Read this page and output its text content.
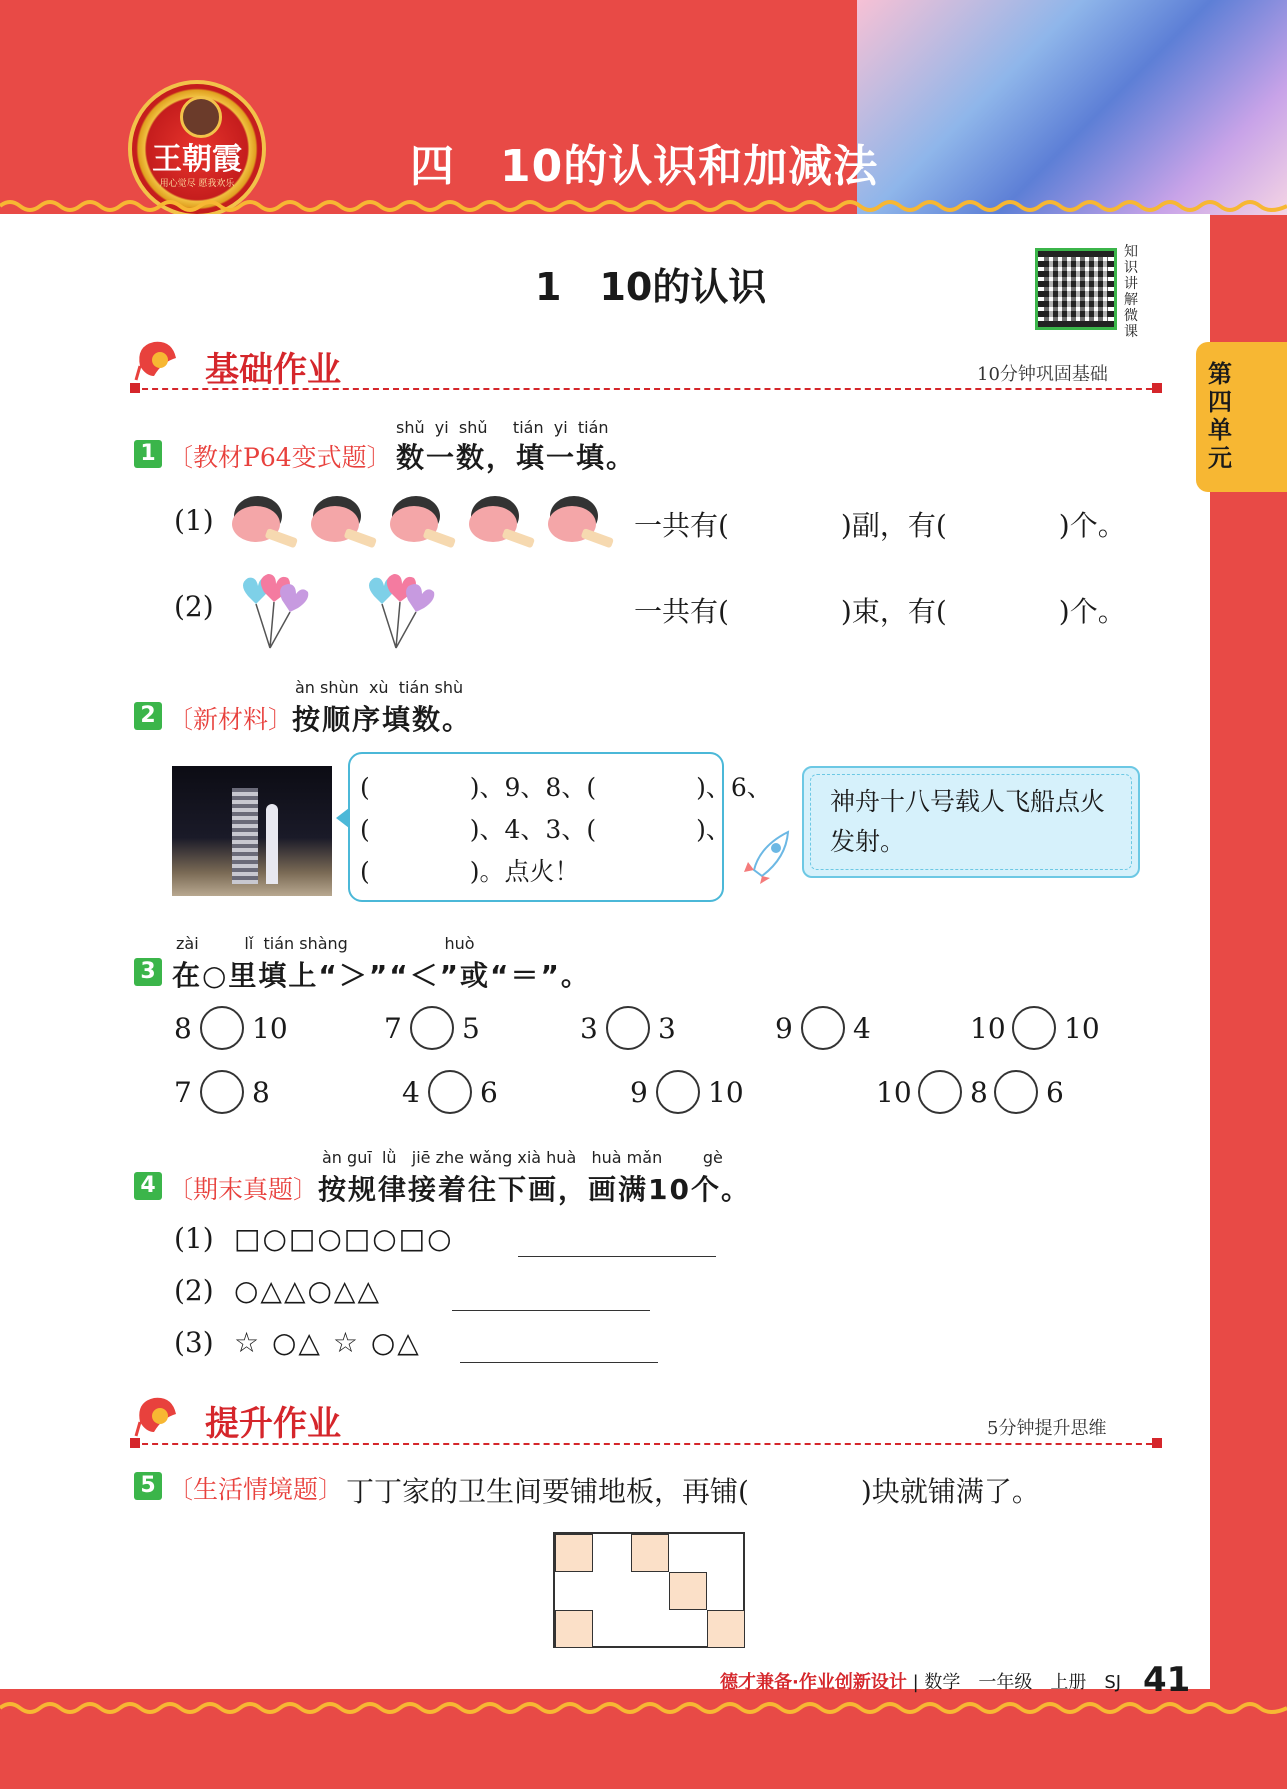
王朝霞
用心觉尽 愿我欢乐	四　10的认识和加减法
1　10的认识
知识讲解微课
第四单元
基础作业	10分钟巩固基础
shǔ  yi  shǔ     tián  yi  tián
1 〔教材P64变式题〕 数一数，填一填。
(1)	一共有(　　　　)副，有(　　　　)个。
(2)	一共有(　　　　)束，有(　　　　)个。
àn shùn  xù  tián shù
2 〔新材料〕
按顺序填数。
(　　　　)、9、8、(　　　　)、6、
(　　　　)、4、3、(　　　　)、
(　　　　)。点火！
神舟十八号载人飞船点火发射。
zài         lǐ  tián shàng                   huò
3 在○里填上“＞”“＜”或“＝”。
8 10	7 5	3 3	9 4	10 10
7 8	4 6	9 10	10 8 6
àn guī  lǜ   jiē zhe wǎng xià huà   huà mǎn        gè
4 〔期末真题〕 按规律接着往下画，画满10个。
(1) □○□○□○□○
(2) ○△△○△△
(3) ☆ ○△ ☆ ○△
提升作业	5分钟提升思维
5 〔生活情境题〕 丁丁家的卫生间要铺地板，再铺(　　　　)块就铺满了。
德才兼备·作业创新设计 | 数学　一年级　上册　SJ 41
